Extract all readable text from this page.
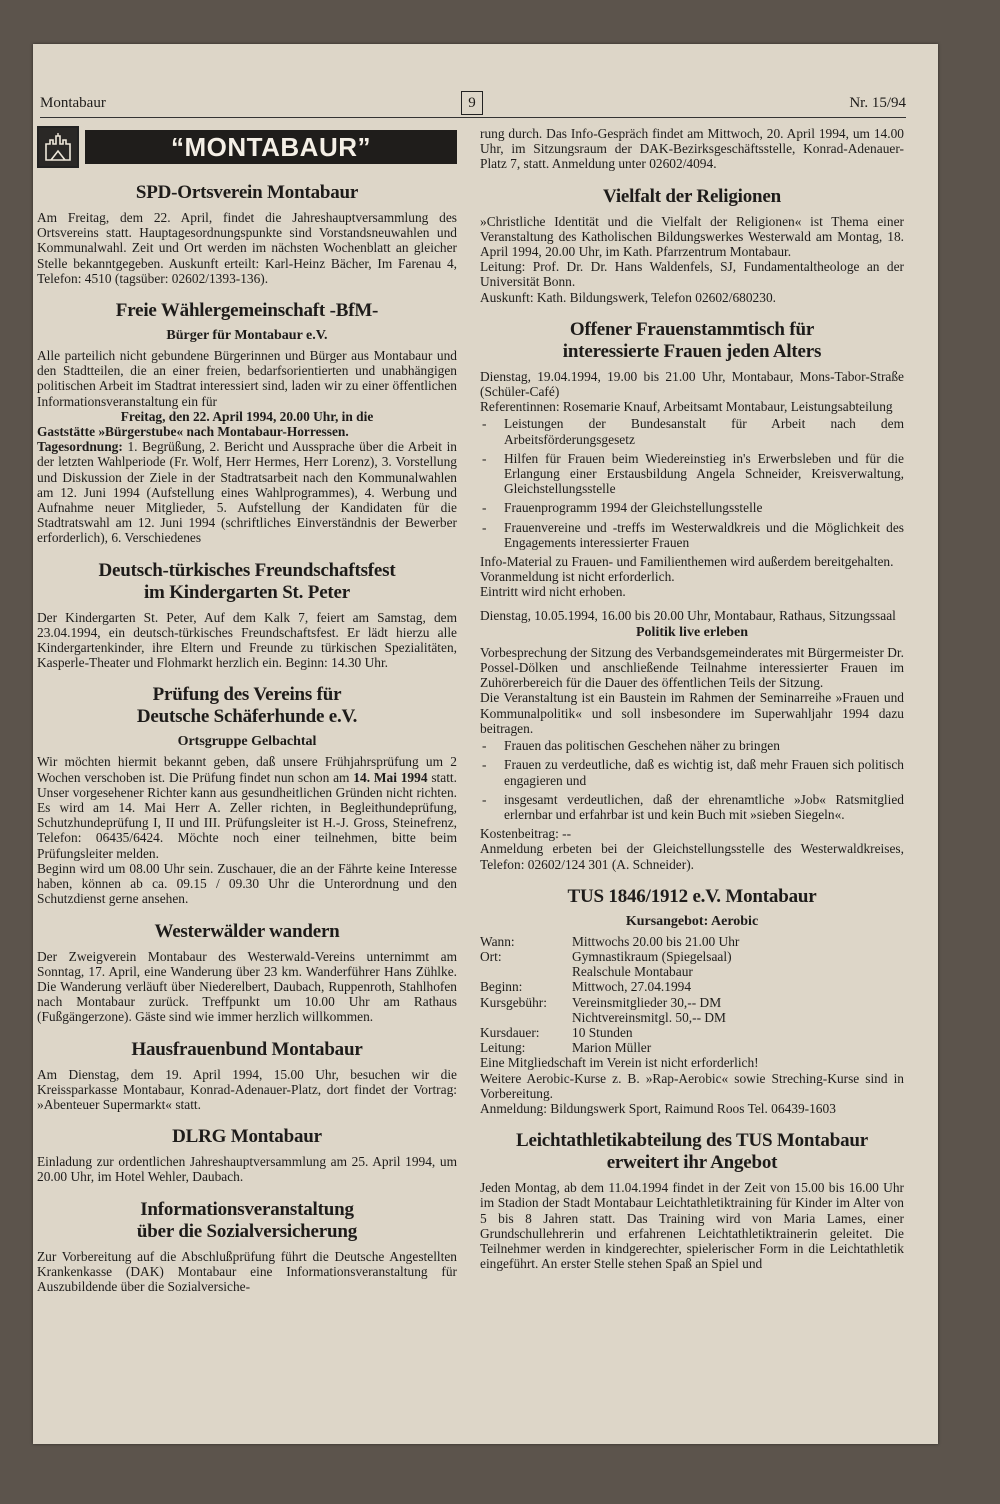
Montabaur	9	Nr. 15/94
“MONTABAUR”
SPD-Ortsverein Montabaur

Am Freitag, dem 22. April, findet die Jahreshauptversammlung des Ortsvereins statt. Hauptagesordnungspunkte sind Vorstandsneuwahlen und Kommunalwahl. Zeit und Ort werden im nächsten Wochenblatt an gleicher Stelle bekanntgegeben. Auskunft erteilt: Karl-Heinz Bächer, Im Farenau 4, Telefon: 4510 (tagsüber: 02602/1393-136).

Freie Wählergemeinschaft -BfM-
Bürger für Montabaur e.V.

Alle parteilich nicht gebundene Bürgerinnen und Bürger aus Montabaur und den Stadtteilen, die an einer freien, bedarfsorientierten und unabhängigen politischen Arbeit im Stadtrat interessiert sind, laden wir zu einer öffentlichen Informationsveranstaltung ein für

Freitag, den 22. April 1994, 20.00 Uhr, in die

Gaststätte »Bürgerstube« nach Montabaur-Horressen.

Tagesordnung: 1. Begrüßung, 2. Bericht und Aussprache über die Arbeit in der letzten Wahlperiode (Fr. Wolf, Herr Hermes, Herr Lorenz), 3. Vorstellung und Diskussion der Ziele in der Stadtratsarbeit nach den Kommunalwahlen am 12. Juni 1994 (Aufstellung eines Wahlprogrammes), 4. Werbung und Aufnahme neuer Mitglieder, 5. Aufstellung der Kandidaten für die Stadtratswahl am 12. Juni 1994 (schriftliches Einverständnis der Bewerber erforderlich), 6. Verschiedenes

Deutsch-türkisches Freundschaftsfest
im Kindergarten St. Peter

Der Kindergarten St. Peter, Auf dem Kalk 7, feiert am Samstag, dem 23.04.1994, ein deutsch-türkisches Freundschaftsfest. Er lädt hierzu alle Kindergartenkinder, ihre Eltern und Freunde zu türkischen Spezialitäten, Kasperle-Theater und Flohmarkt herzlich ein. Beginn: 14.30 Uhr.

Prüfung des Vereins für
Deutsche Schäferhunde e.V.
Ortsgruppe Gelbachtal

Wir möchten hiermit bekannt geben, daß unsere Frühjahrsprüfung um 2 Wochen verschoben ist. Die Prüfung findet nun schon am 14. Mai 1994 statt. Unser vorgesehener Richter kann aus gesundheitlichen Gründen nicht richten. Es wird am 14. Mai Herr A. Zeller richten, in Begleithundeprüfung, Schutzhundeprüfung I, II und III. Prüfungsleiter ist H.-J. Gross, Steinefrenz, Telefon: 06435/6424. Möchte noch einer teilnehmen, bitte beim Prüfungsleiter melden.

Beginn wird um 08.00 Uhr sein. Zuschauer, die an der Fährte keine Interesse haben, können ab ca. 09.15 / 09.30 Uhr die Unterordnung und den Schutzdienst gerne ansehen.

Westerwälder wandern

Der Zweigverein Montabaur des Westerwald-Vereins unternimmt am Sonntag, 17. April, eine Wanderung über 23 km. Wanderführer Hans Zühlke. Die Wanderung verläuft über Niederelbert, Daubach, Ruppenroth, Stahlhofen nach Montabaur zurück. Treffpunkt um 10.00 Uhr am Rathaus (Fußgängerzone). Gäste sind wie immer herzlich willkommen.

Hausfrauenbund Montabaur

Am Dienstag, dem 19. April 1994, 15.00 Uhr, besuchen wir die Kreissparkasse Montabaur, Konrad-Adenauer-Platz, dort findet der Vortrag: »Abenteuer Supermarkt« statt.

DLRG Montabaur

Einladung zur ordentlichen Jahreshauptversammlung am 25. April 1994, um 20.00 Uhr, im Hotel Wehler, Daubach.

Informationsveranstaltung
über die Sozialversicherung

Zur Vorbereitung auf die Abschlußprüfung führt die Deutsche Angestellten Krankenkasse (DAK) Montabaur eine Informationsveranstaltung für Auszubildende über die Sozialversiche-

rung durch. Das Info-Gespräch findet am Mittwoch, 20. April 1994, um 14.00 Uhr, im Sitzungsraum der DAK-Bezirksgeschäftsstelle, Konrad-Adenauer-Platz 7, statt. Anmeldung unter 02602/4094.

Vielfalt der Religionen

»Christliche Identität und die Vielfalt der Religionen« ist Thema einer Veranstaltung des Katholischen Bildungswerkes Westerwald am Montag, 18. April 1994, 20.00 Uhr, im Kath. Pfarrzentrum Montabaur.

Leitung: Prof. Dr. Dr. Hans Waldenfels, SJ, Fundamentaltheologe an der Universität Bonn.

Auskunft: Kath. Bildungswerk, Telefon 02602/680230.

Offener Frauenstammtisch für
interessierte Frauen jeden Alters

Dienstag, 19.04.1994, 19.00 bis 21.00 Uhr, Montabaur, Mons-Tabor-Straße (Schüler-Café)

Referentinnen: Rosemarie Knauf, Arbeitsamt Montabaur, Leistungsabteilung

- Leistungen der Bundesanstalt für Arbeit nach dem Arbeitsförderungsgesetz
- Hilfen für Frauen beim Wiedereinstieg in's Erwerbsleben und für die Erlangung einer Erstausbildung Angela Schneider, Kreisverwaltung, Gleichstellungsstelle
- Frauenprogramm 1994 der Gleichstellungsstelle
- Frauenvereine und -treffs im Westerwaldkreis und die Möglichkeit des Engagements interessierter Frauen

Info-Material zu Frauen- und Familienthemen wird außerdem bereitgehalten.

Voranmeldung ist nicht erforderlich.

Eintritt wird nicht erhoben.

Dienstag, 10.05.1994, 16.00 bis 20.00 Uhr, Montabaur, Rathaus, Sitzungssaal

Politik live erleben

Vorbesprechung der Sitzung des Verbandsgemeinderates mit Bürgermeister Dr. Possel-Dölken und anschließende Teilnahme interessierter Frauen im Zuhörerbereich für die Dauer des öffentlichen Teils der Sitzung.

Die Veranstaltung ist ein Baustein im Rahmen der Seminarreihe »Frauen und Kommunalpolitik« und soll insbesondere im Superwahljahr 1994 dazu beitragen.

- Frauen das politischen Geschehen näher zu bringen
- Frauen zu verdeutliche, daß es wichtig ist, daß mehr Frauen sich politisch engagieren und
- insgesamt verdeutlichen, daß der ehrenamtliche »Job« Ratsmitglied erlernbar und erfahrbar ist und kein Buch mit »sieben Siegeln«.

Kostenbeitrag: --

Anmeldung erbeten bei der Gleichstellungsstelle des Westerwaldkreises, Telefon: 02602/124 301 (A. Schneider).

TUS 1846/1912 e.V. Montabaur
Kursangebot: Aerobic
Wann:	Mittwochs 20.00 bis 21.00 Uhr
Ort:	Gymnastikraum (Spiegelsaal)
	Realschule Montabaur
Beginn:	Mittwoch, 27.04.1994
Kursgebühr:	Vereinsmitglieder 30,-- DM
	Nichtvereinsmitgl. 50,-- DM
Kursdauer:	10 Stunden
Leitung:	Marion Müller

Eine Mitgliedschaft im Verein ist nicht erforderlich!

Weitere Aerobic-Kurse z. B. »Rap-Aerobic« sowie Streching-Kurse sind in Vorbereitung.

Anmeldung: Bildungswerk Sport, Raimund Roos Tel. 06439-1603

Leichtathletikabteilung des TUS Montabaur
erweitert ihr Angebot

Jeden Montag, ab dem 11.04.1994 findet in der Zeit von 15.00 bis 16.00 Uhr im Stadion der Stadt Montabaur Leichtathletiktraining für Kinder im Alter von 5 bis 8 Jahren statt. Das Training wird von Maria Lames, einer Grundschullehrerin und erfahrenen Leichtathletiktrainerin geleitet. Die Teilnehmer werden in kindgerechter, spielerischer Form in die Leichtathletik eingeführt. An erster Stelle stehen Spaß an Spiel und
